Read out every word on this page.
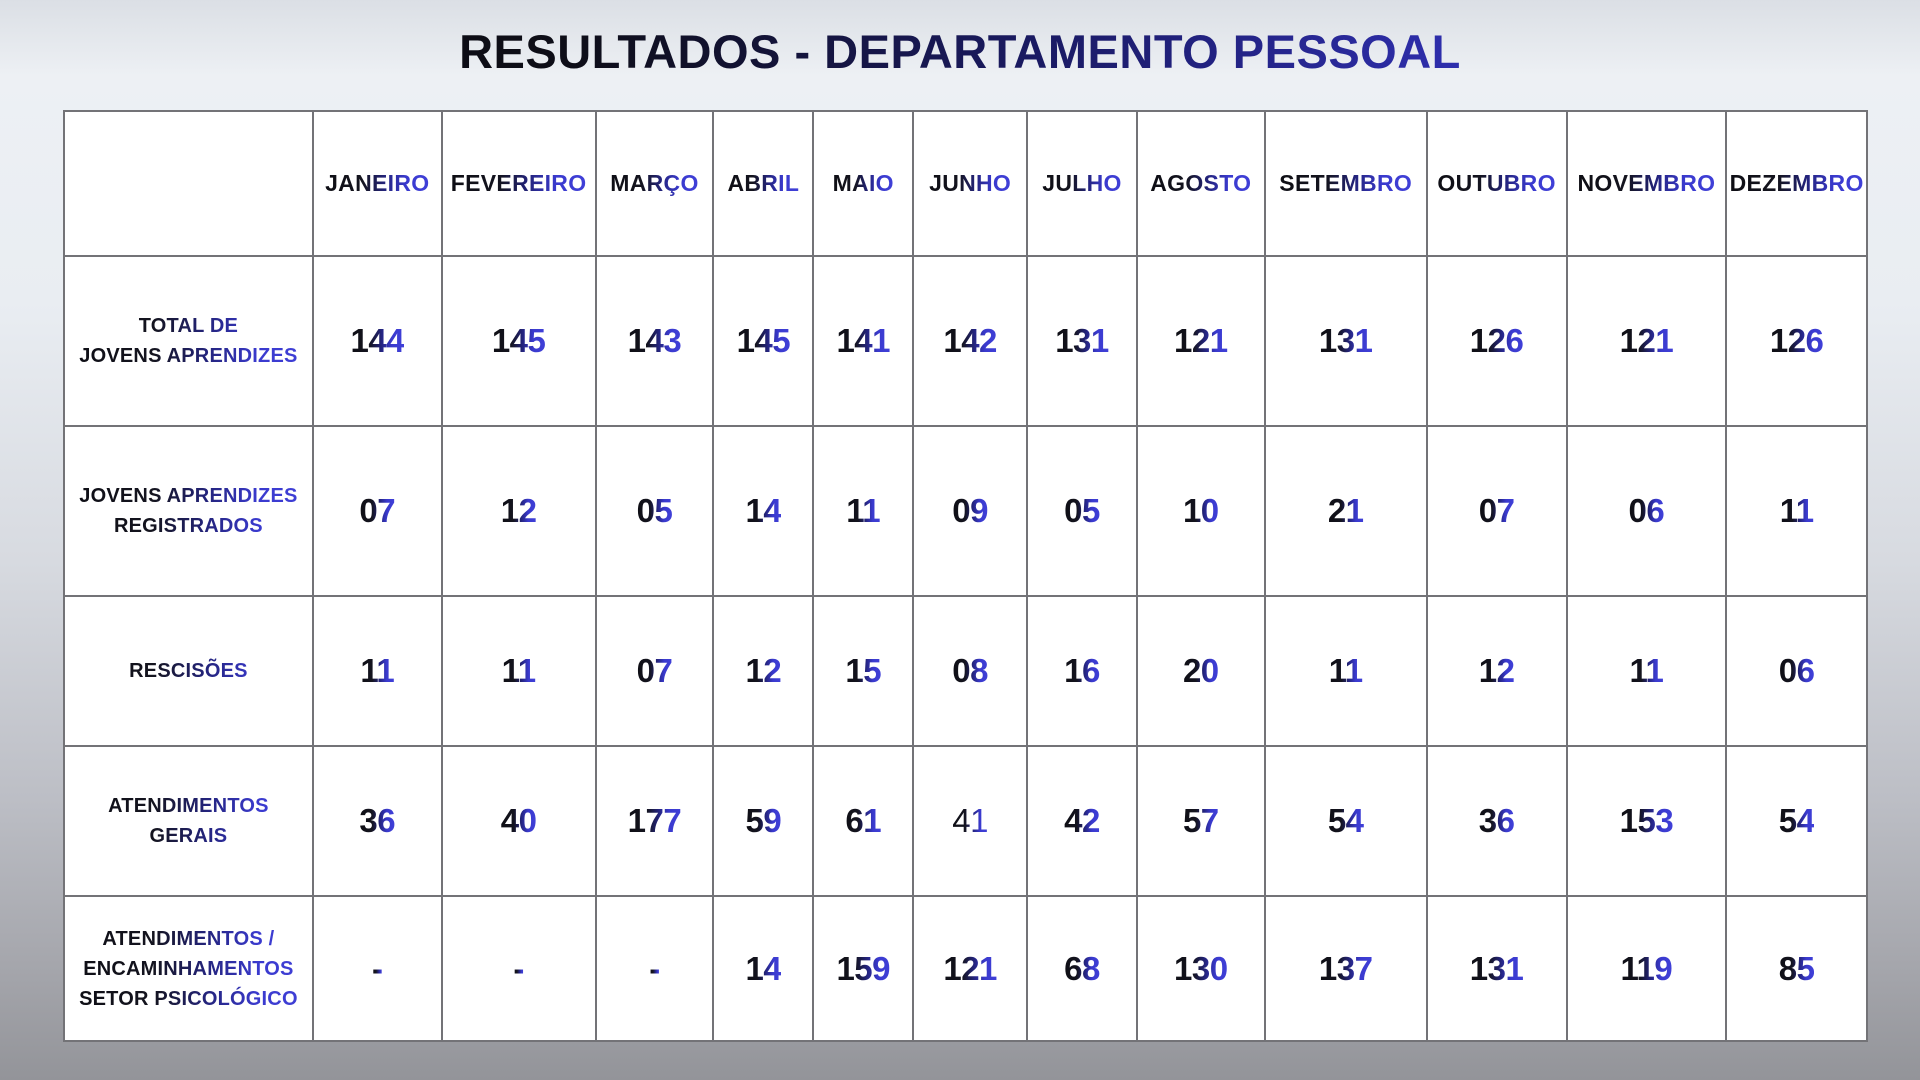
RESULTADOS - DEPARTAMENTO PESSOAL
	JANEIRO	FEVEREIRO	MARÇO	ABRIL	MAIO	JUNHO	JULHO	AGOSTO	SETEMBRO	OUTUBRO	NOVEMBRO	DEZEMBRO

TOTAL DE
JOVENS APRENDIZES	144	145	143	145	141	142	131	121	131	126	121	126

JOVENS APRENDIZES
REGISTRADOS	07	12	05	14	11	09	05	10	21	07	06	11

RESCISÕES	11	11	07	12	15	08	16	20	11	12	11	06

ATENDIMENTOS
GERAIS	36	40	177	59	61	41	42	57	54	36	153	54

ATENDIMENTOS /
ENCAMINHAMENTOS
SETOR PSICOLÓGICO	-	-	-	14	159	121	68	130	137	131	119	85
